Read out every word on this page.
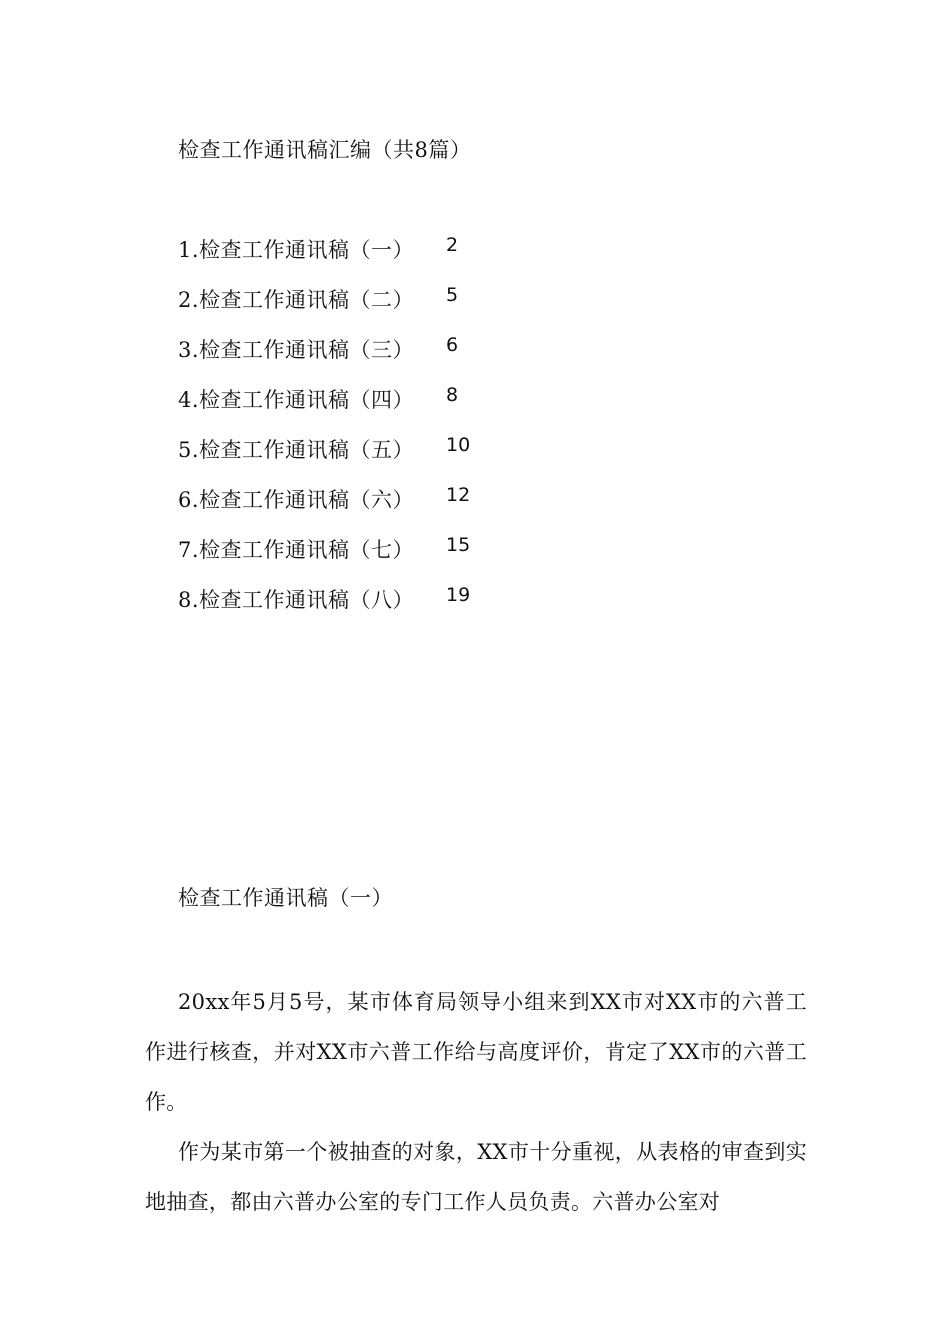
检查工作通讯稿汇编（共8篇）
1.检查工作通讯稿（一） 2
2.检查工作通讯稿（二） 5
3.检查工作通讯稿（三） 6
4.检查工作通讯稿（四） 8
5.检查工作通讯稿（五） 10
6.检查工作通讯稿（六） 12
7.检查工作通讯稿（七） 15
8.检查工作通讯稿（八） 19
检查工作通讯稿（一）

20xx年5月5号，某市体育局领导小组来到XX市对XX市的六普工作进行核查，并对XX市六普工作给与高度评价，肯定了XX市的六普工作。

作为某市第一个被抽查的对象，XX市十分重视，从表格的审查到实地抽查，都由六普办公室的专门工作人员负责。六普办公室对
